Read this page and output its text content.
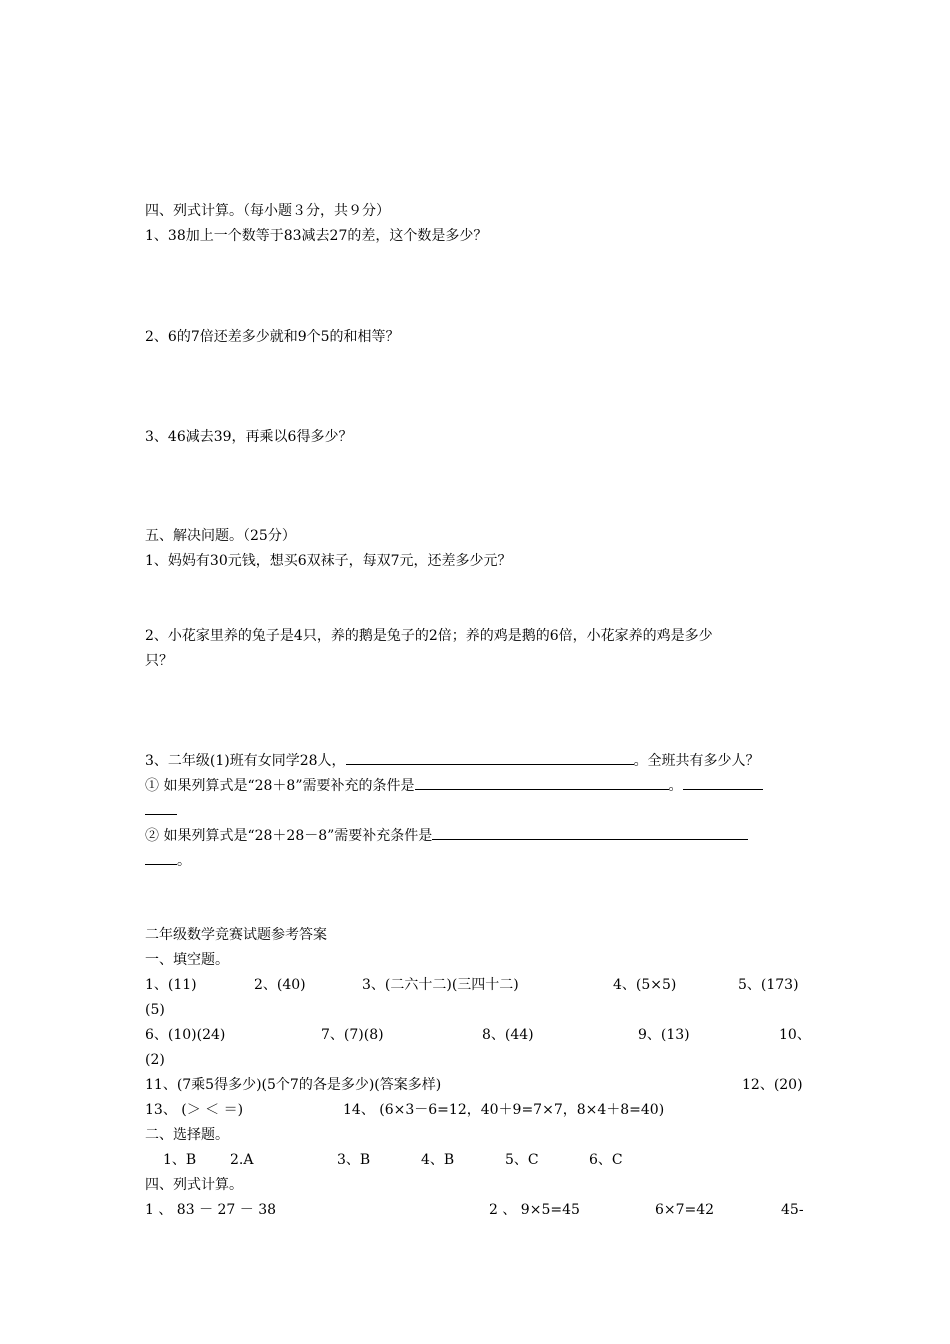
四、列式计算。（每小题３分，共９分）
1、38加上一个数等于83减去27的差，这个数是多少？
2、6的7倍还差多少就和9个5的和相等？
3、46减去39，再乘以6得多少？
五、解决问题。（25分）
1、妈妈有30元钱，想买6双袜子，每双7元，还差多少元？
2、小花家里养的兔子是4只，养的鹅是兔子的2倍；养的鸡是鹅的6倍，小花家养的鸡是多少
只？
3、二年级(1)班有女同学28人，	。全班共有多少人？
① 如果列算式是“28＋8”需要补充的条件是	。
② 如果列算式是“28＋28－8”需要补充条件是
。
二年级数学竞赛试题参考答案
一、填空题。
1、(11)	2、(40)	3、(二六十二)(三四十二)	4、(5×5)	5、(173)
(5)
6、(10)(24)	7、(7)(8)	8、(44)	9、(13)	10、
(2)
11、(7乘5得多少)(5个7的各是多少)(答案多样)	12、(20)
13、 (＞ ＜ ＝)	14、 (6×3－6=12，40＋9=7×7，8×4＋8=40)
二、选择题。
1、B 2.A	3、B	4、B	5、C	6、C
四、列式计算。
1 、 83 － 27 － 38	2 、 9×5=45	6×7=42	45-
